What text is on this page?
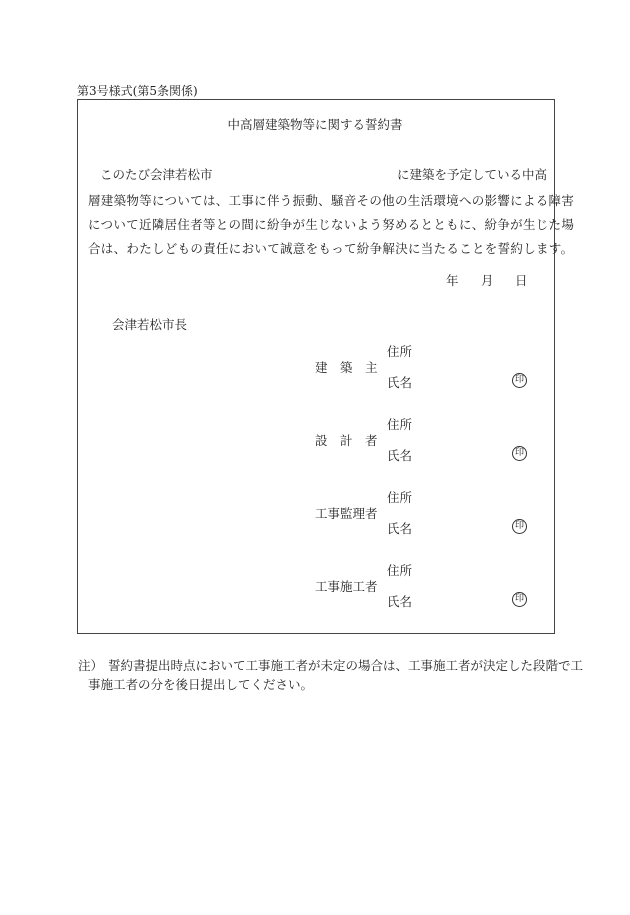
第3号様式(第5条関係)
中高層建築物等に関する誓約書
このたび会津若松市	に建築を予定している中高
層建築物等については、工事に伴う振動、騒音その他の生活環境への影響による障害
について近隣居住者等との間に紛争が生じないよう努めるとともに、紛争が生じた場
合は、わたしどもの責任において誠意をもって紛争解決に当たることを誓約します。
年 月 日
会津若松市長
住所
建　築　主
氏名	印
住所
設　計　者
氏名	印
住所
工事監理者
氏名	印
住所
工事施工者
氏名	印
注） 誓約書提出時点において工事施工者が未定の場合は、工事施工者が決定した段階で工
事施工者の分を後日提出してください。
